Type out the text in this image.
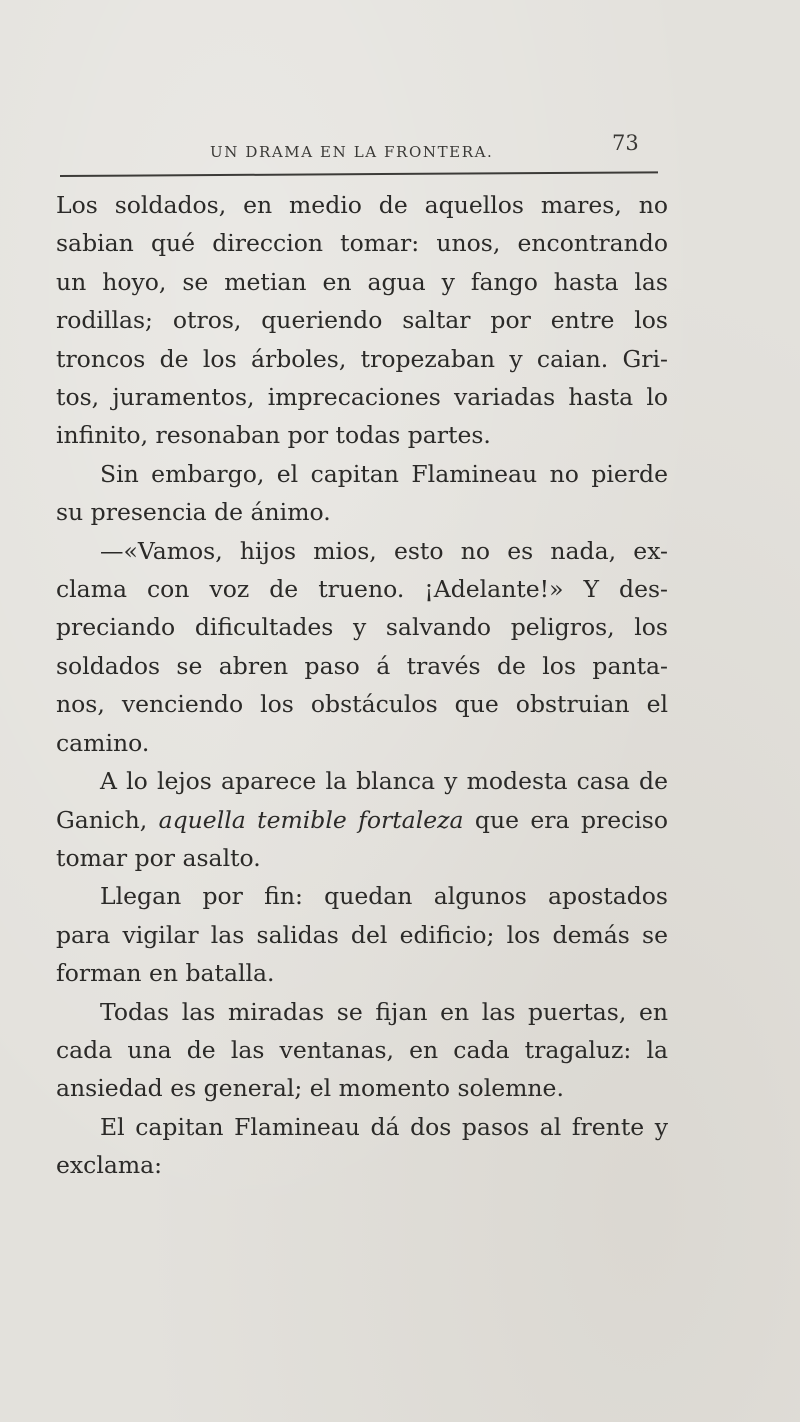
UN DRAMA EN LA FRONTERA.	73
Los soldados, en medio de aquellos mares, no
sabian qué direccion tomar: unos, encontrando
un hoyo, se metian en agua y fango hasta las
rodillas; otros, queriendo saltar por entre los
troncos de los árboles, tropezaban y caian. Gri-
tos, juramentos, imprecaciones variadas hasta lo
infinito, resonaban por todas partes.
Sin embargo, el capitan Flamineau no pierde
su presencia de ánimo.
—«Vamos, hijos mios, esto no es nada, ex-
clama con voz de trueno. ¡Adelante!» Y des-
preciando dificultades y salvando peligros, los
soldados se abren paso á través de los panta-
nos, venciendo los obstáculos que obstruian el
camino.
A lo lejos aparece la blanca y modesta casa de
Ganich, aquella temible fortaleza que era preciso
tomar por asalto.
Llegan por fin: quedan algunos apostados
para vigilar las salidas del edificio; los demás se
forman en batalla.
Todas las miradas se fijan en las puertas, en
cada una de las ventanas, en cada tragaluz: la
ansiedad es general; el momento solemne.
El capitan Flamineau dá dos pasos al frente y
exclama:
